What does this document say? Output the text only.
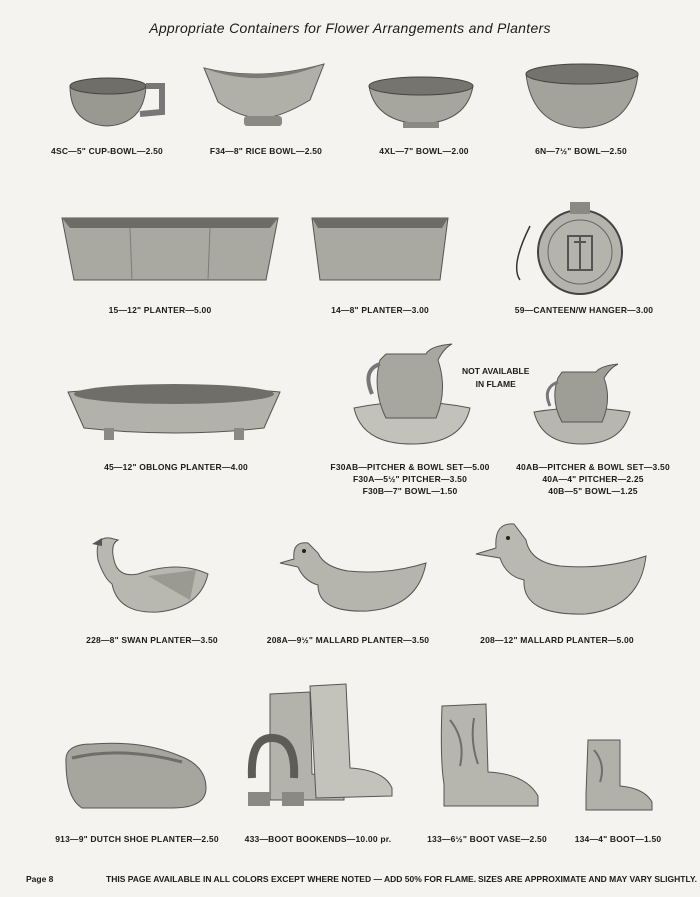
Appropriate Containers for Flower Arrangements and Planters
4SC—5" CUP-BOWL—2.50	F34—8" RICE BOWL—2.50	4XL—7" BOWL—2.00	6N—7½" BOWL—2.50
15—12" PLANTER—5.00	14—8" PLANTER—3.00	59—CANTEEN/W HANGER—3.00
NOT AVAILABLE
IN FLAME
45—12" OBLONG PLANTER—4.00	F30AB—PITCHER & BOWL SET—5.00
F30A—5½" PITCHER—3.50
F30B—7" BOWL—1.50
40AB—PITCHER & BOWL SET—3.50
40A—4" PITCHER—2.25
40B—5" BOWL—1.25
228—8" SWAN PLANTER—3.50	208A—9½" MALLARD PLANTER—3.50	208—12" MALLARD PLANTER—5.00
913—9" DUTCH SHOE PLANTER—2.50	433—BOOT BOOKENDS—10.00 pr.	133—6½" BOOT VASE—2.50	134—4" BOOT—1.50
Page 8	THIS PAGE AVAILABLE IN ALL COLORS EXCEPT WHERE NOTED — ADD 50% FOR FLAME. SIZES ARE APPROXIMATE AND MAY VARY SLIGHTLY.
